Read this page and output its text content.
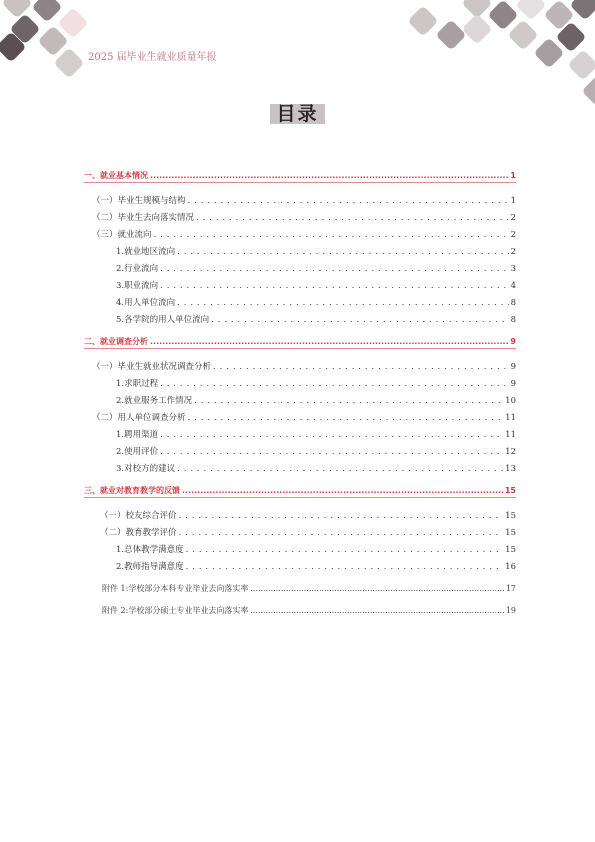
2025 届毕业生就业质量年报
目录
一、就业基本情况 .....	1
（一）毕业生规模与结构 . . .	1
（二）毕业生去向落实情况 . . .	2
（三）就业流向 . . .	2
1.就业地区流向 . . .	2
2.行业流向 . . .	3
3.职业流向 . . .	4
4.用人单位流向 . . .	8
5.各学院的用人单位流向 . . .	8
二、就业调查分析 .....	9
（一）毕业生就业状况调查分析 . . .	9
1.求职过程 . . .	9
2.就业服务工作情况 . . .	10
（二）用人单位调查分析 . . .	11
1.聘用渠道 . . .	11
2.使用评价 . . .	12
3.对校方的建议 . . .	13
三、就业对教育教学的反馈 .....	15
（一）校友综合评价 . . .	15
（二）教育教学评价 . . .	15
1.总体教学满意度 . . .	15
2.教师指导满意度 . . .	16
附件 1:学校部分本科专业毕业去向落实率 .....	17
附件 2:学校部分硕士专业毕业去向落实率 .....	19
